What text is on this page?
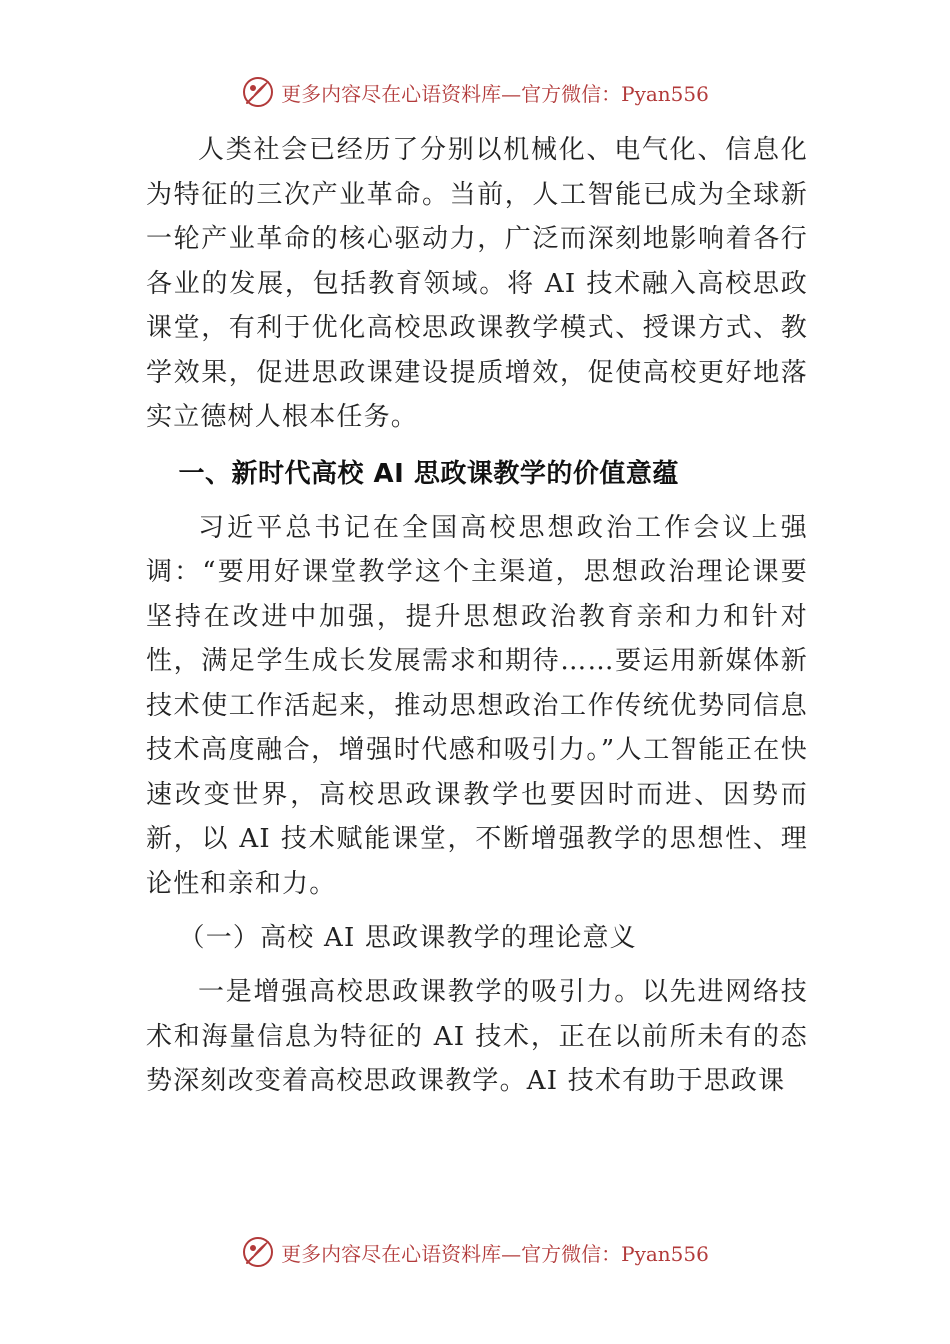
更多内容尽在心语资料库—官方微信：Pyan556

人类社会已经历了分别以机械化、电气化、信息化为特征的三次产业革命。当前，人工智能已成为全球新一轮产业革命的核心驱动力，广泛而深刻地影响着各行各业的发展，包括教育领域。将 AI 技术融入高校思政课堂，有利于优化高校思政课教学模式、授课方式、教学效果，促进思政课建设提质增效，促使高校更好地落实立德树人根本任务。

一、新时代高校 AI 思政课教学的价值意蕴

习近平总书记在全国高校思想政治工作会议上强调：“要用好课堂教学这个主渠道，思想政治理论课要坚持在改进中加强，提升思想政治教育亲和力和针对性，满足学生成长发展需求和期待……要运用新媒体新技术使工作活起来，推动思想政治工作传统优势同信息技术高度融合，增强时代感和吸引力。”人工智能正在快速改变世界，高校思政课教学也要因时而进、因势而新，以 AI 技术赋能课堂，不断增强教学的思想性、理论性和亲和力。

（一）高校 AI 思政课教学的理论意义

一是增强高校思政课教学的吸引力。以先进网络技术和海量信息为特征的 AI 技术，正在以前所未有的态势深刻改变着高校思政课教学。AI 技术有助于思政课

更多内容尽在心语资料库—官方微信：Pyan556
